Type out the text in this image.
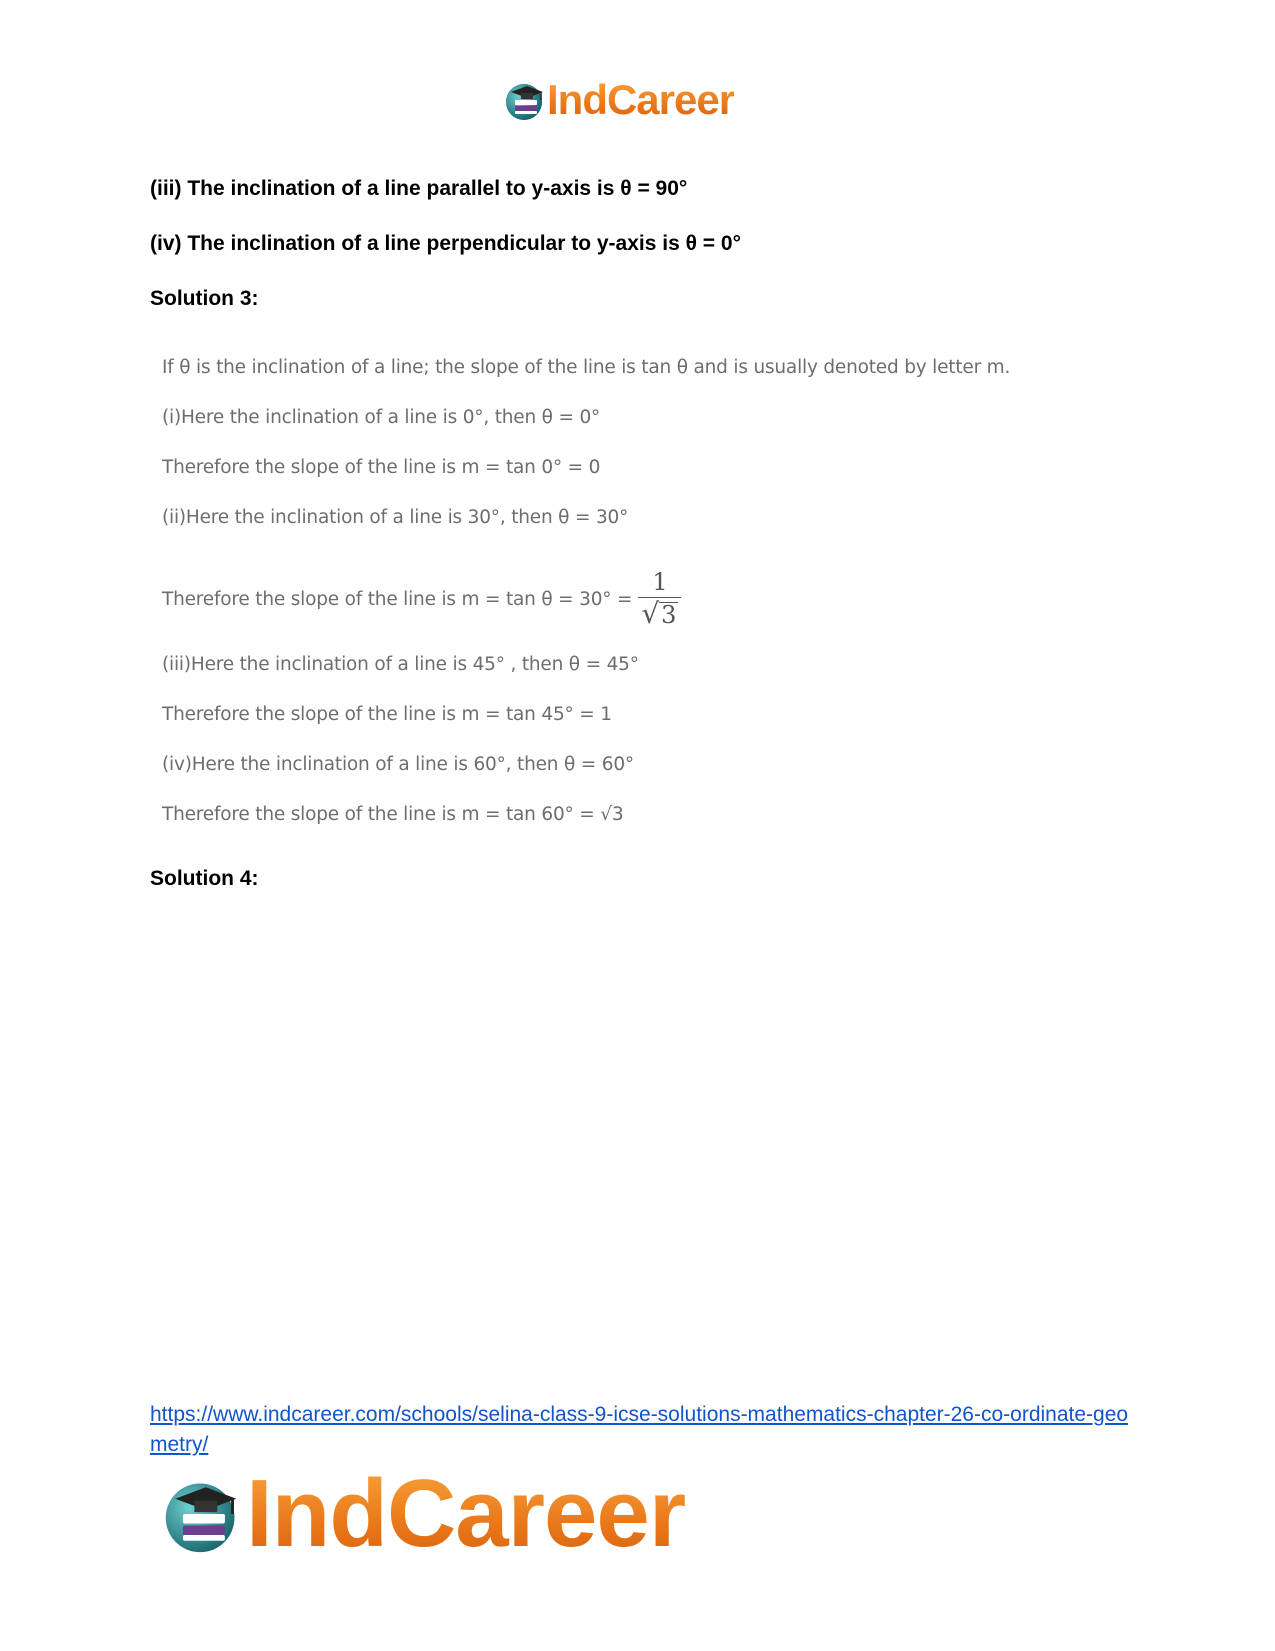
IndCareer

(iii) The inclination of a line parallel to y-axis is θ = 90°

(iv) The inclination of a line perpendicular to y-axis is θ = 0°

Solution 3:

If θ is the inclination of a line; the slope of the line is tan θ and is usually denoted by letter m.

(i)Here the inclination of a line is 0°, then θ = 0°

Therefore the slope of the line is m = tan 0° = 0

(ii)Here the inclination of a line is 30°, then θ = 30°

Therefore the slope of the line is $m = \tan \theta = 30^\circ = \frac{1}{√ 3}$

(iii)Here the inclination of a line is 45° , then θ = 45°

Therefore the slope of the line is m = tan 45° = 1

(iv)Here the inclination of a line is 60°, then θ = 60°

Therefore the slope of the line is m = tan 60° = √3

Solution 4:

https://www.indcareer.com/schools/selina-class-9-icse-solutions-mathematics-chapter-26-co-ordinate-geometry/
IndCareer
